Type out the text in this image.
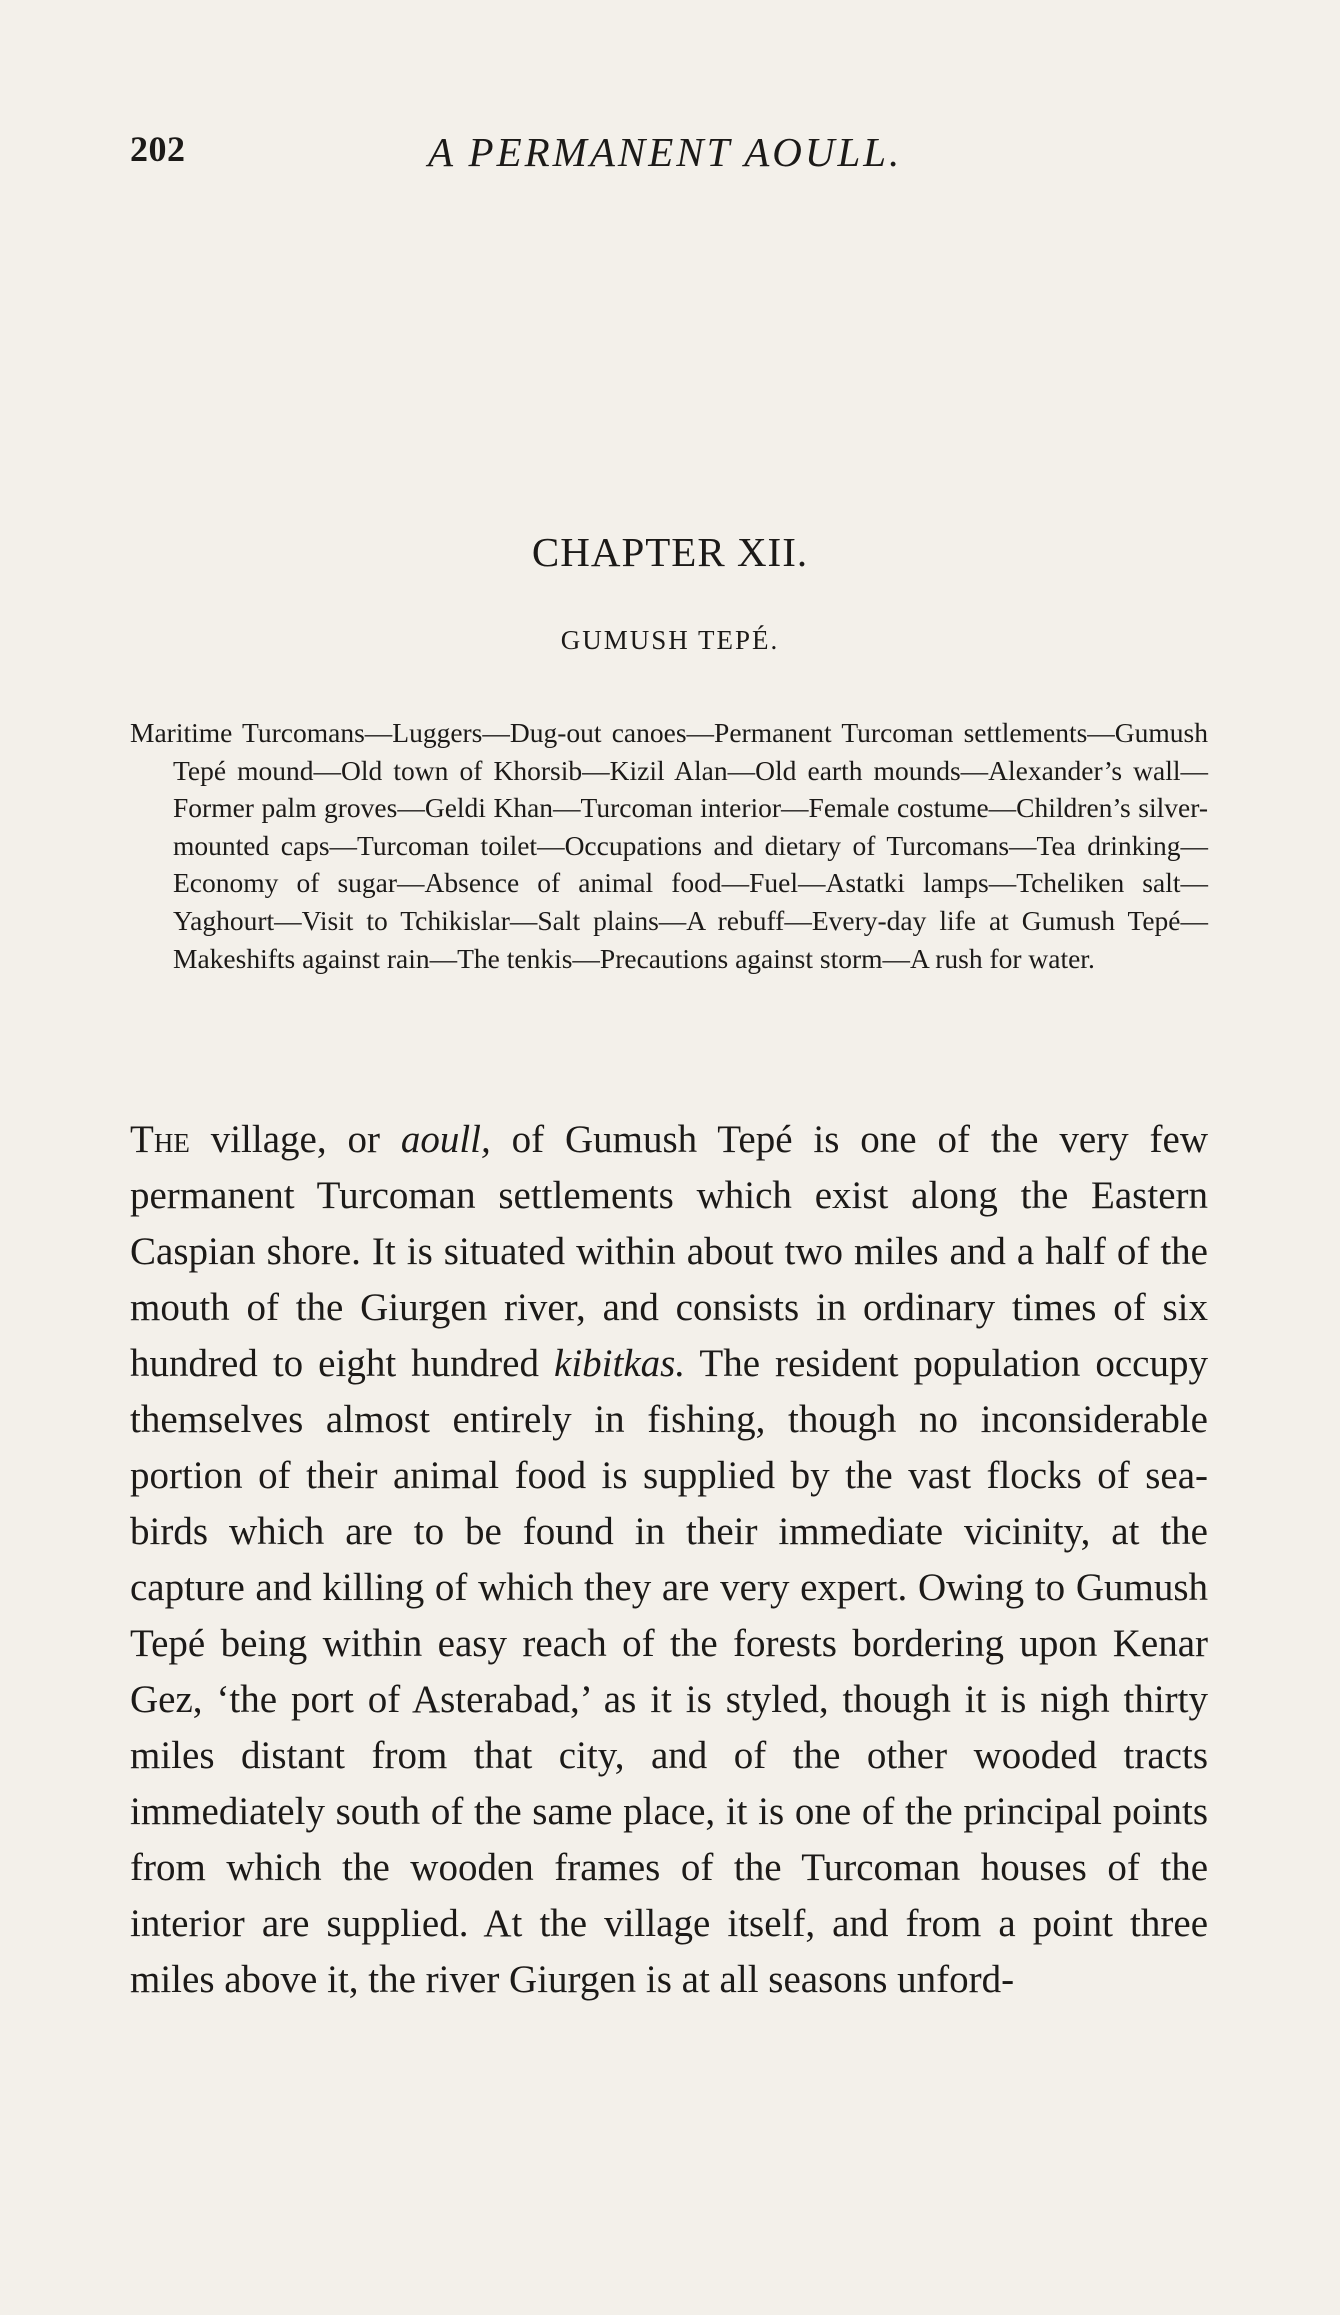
202	A PERMANENT AOULL.
CHAPTER XII.
GUMUSH TEPÉ.

Maritime Turcomans—Luggers—Dug-out canoes—Permanent Turcoman settlements—Gumush Tepé mound—Old town of Khorsib—Kizil Alan—Old earth mounds—Alexander’s wall—Former palm groves—Geldi Khan—Turcoman interior—Female costume—Children’s silver-mounted caps—Turcoman toilet—Occupations and dietary of Turcomans—Tea drinking—Economy of sugar—Absence of animal food—Fuel—Astatki lamps—Tcheliken salt—Yaghourt—Visit to Tchikislar—Salt plains—A rebuff—Every-day life at Gumush Tepé—Makeshifts against rain—The tenkis—Precautions against storm—A rush for water.

The village, or aoull, of Gumush Tepé is one of the very few permanent Turcoman settlements which exist along the Eastern Caspian shore. It is situated within about two miles and a half of the mouth of the Giurgen river, and consists in ordinary times of six hundred to eight hundred kibitkas. The resident population occupy themselves almost entirely in fishing, though no inconsiderable portion of their animal food is supplied by the vast flocks of sea-birds which are to be found in their immediate vicinity, at the capture and killing of which they are very expert. Owing to Gumush Tepé being within easy reach of the forests bordering upon Kenar Gez, ‘the port of Asterabad,’ as it is styled, though it is nigh thirty miles distant from that city, and of the other wooded tracts immediately south of the same place, it is one of the principal points from which the wooden frames of the Turcoman houses of the interior are supplied. At the village itself, and from a point three miles above it, the river Giurgen is at all seasons unford-
